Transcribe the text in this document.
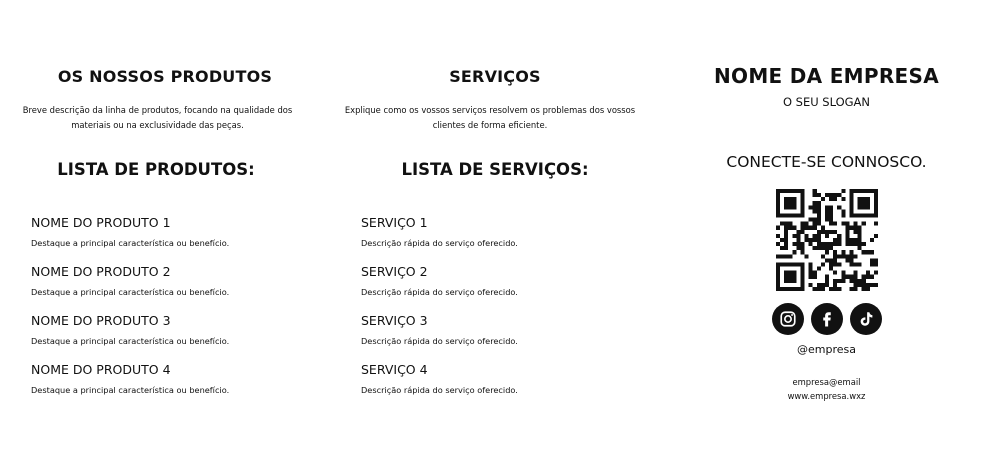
OS NOSSOS PRODUTOS
Breve descrição da linha de produtos, focando na qualidade dos
materiais ou na exclusividade das peças.
LISTA DE PRODUTOS:
NOME DO PRODUTO 1
Destaque a principal característica ou benefício.
NOME DO PRODUTO 2
Destaque a principal característica ou benefício.
NOME DO PRODUTO 3
Destaque a principal característica ou benefício.
NOME DO PRODUTO 4
Destaque a principal característica ou benefício.
SERVIÇOS
Explique como os vossos serviços resolvem os problemas dos vossos
clientes de forma eficiente.
LISTA DE SERVIÇOS:
SERVIÇO 1
Descrição rápida do serviço oferecido.
SERVIÇO 2
Descrição rápida do serviço oferecido.
SERVIÇO 3
Descrição rápida do serviço oferecido.
SERVIÇO 4
Descrição rápida do serviço oferecido.
NOME DA EMPRESA
O SEU SLOGAN
CONECTE-SE CONNOSCO.
@empresa
empresa@email
www.empresa.wxz
